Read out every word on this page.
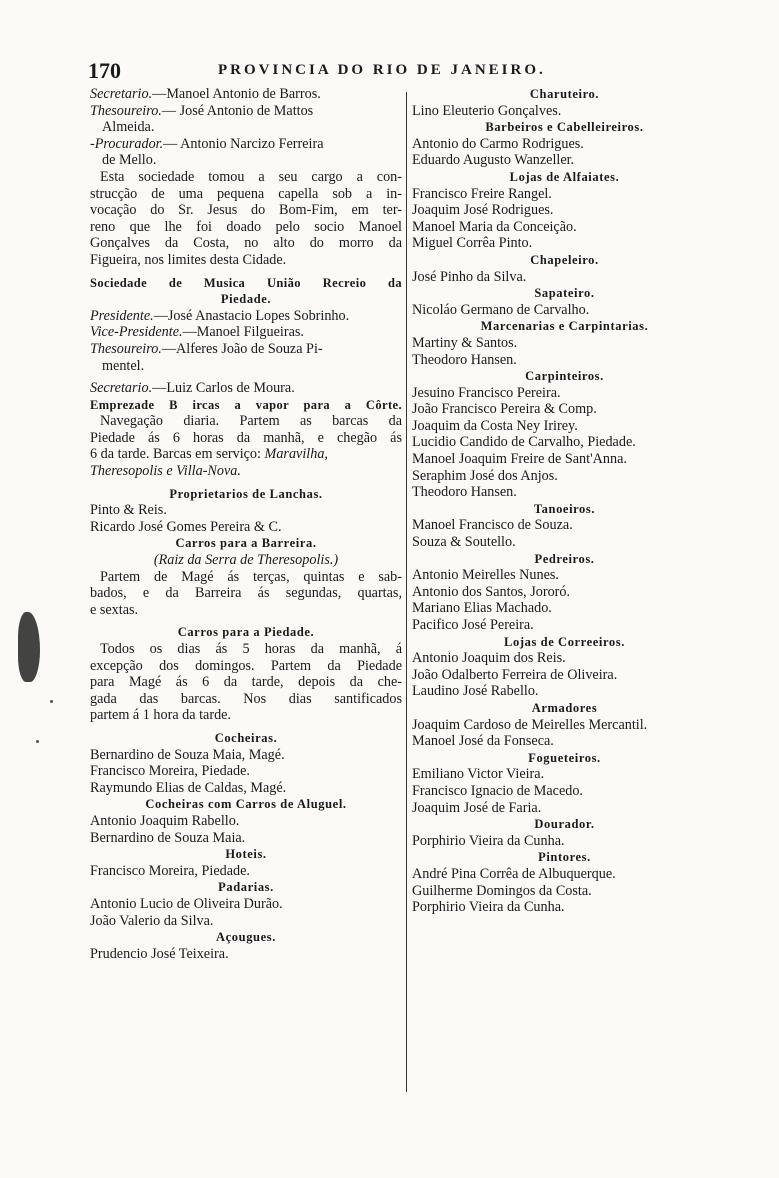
170	PROVINCIA DO RIO DE JANEIRO.
Secretario.—Manoel Antonio de Barros.
Thesoureiro.— José Antonio de Mattos
Almeida.
-Procurador.— Antonio Narcizo Ferreira
de Mello.
Esta sociedade tomou a seu cargo a con-
strucção de uma pequena capella sob a in-
vocação do Sr. Jesus do Bom-Fim, em ter-
reno que lhe foi doado pelo socio Manoel
Gonçalves da Costa, no alto do morro da
Figueira, nos limites desta Cidade.
Sociedade de Musica União Recreio da
Piedade.
Presidente.—José Anastacio Lopes Sobrinho.
Vice-Presidente.—Manoel Filgueiras.
Thesoureiro.—Alferes João de Souza Pi-
mentel.
Secretario.—Luiz Carlos de Moura.
Emprezade B ircas a vapor para a Côrte.
Navegação diaria. Partem as barcas da
Piedade ás 6 horas da manhã, e chegão ás
6 da tarde. Barcas em serviço: Maravilha,
Theresopolis e Villa-Nova.
Proprietarios de Lanchas.
Pinto & Reis.
Ricardo José Gomes Pereira & C.
Carros para a Barreira.
(Raiz da Serra de Theresopolis.)
Partem de Magé ás terças, quintas e sab-
bados, e da Barreira ás segundas, quartas,
e sextas.
Carros para a Piedade.
Todos os dias ás 5 horas da manhã, á
excepção dos domingos. Partem da Piedade
para Magé ás 6 da tarde, depois da che-
gada das barcas. Nos dias santificados
partem á 1 hora da tarde.
Cocheiras.
Bernardino de Souza Maia, Magé.
Francisco Moreira, Piedade.
Raymundo Elias de Caldas, Magé.
Cocheiras com Carros de Aluguel.
Antonio Joaquim Rabello.
Bernardino de Souza Maia.
Hoteis.
Francisco Moreira, Piedade.
Padarias.
Antonio Lucio de Oliveira Durão.
João Valerio da Silva.
Açougues.
Prudencio José Teixeira.
Charuteiro.
Lino Eleuterio Gonçalves.
Barbeiros e Cabelleireiros.
Antonio do Carmo Rodrigues.
Eduardo Augusto Wanzeller.
Lojas de Alfaiates.
Francisco Freire Rangel.
Joaquim José Rodrigues.
Manoel Maria da Conceição.
Miguel Corrêa Pinto.
Chapeleiro.
José Pinho da Silva.
Sapateiro.
Nicoláo Germano de Carvalho.
Marcenarias e Carpintarias.
Martiny & Santos.
Theodoro Hansen.
Carpinteiros.
Jesuino Francisco Pereira.
João Francisco Pereira & Comp.
Joaquim da Costa Ney Irirey.
Lucidio Candido de Carvalho, Piedade.
Manoel Joaquim Freire de Sant'Anna.
Seraphim José dos Anjos.
Theodoro Hansen.
Tanoeiros.
Manoel Francisco de Souza.
Souza & Soutello.
Pedreiros.
Antonio Meirelles Nunes.
Antonio dos Santos, Jororó.
Mariano Elias Machado.
Pacifico José Pereira.
Lojas de Correeiros.
Antonio Joaquim dos Reis.
João Odalberto Ferreira de Oliveira.
Laudino José Rabello.
Armadores
Joaquim Cardoso de Meirelles Mercantil.
Manoel José da Fonseca.
Fogueteiros.
Emiliano Victor Vieira.
Francisco Ignacio de Macedo.
Joaquim José de Faria.
Dourador.
Porphirio Vieira da Cunha.
Pintores.
André Pina Corrêa de Albuquerque.
Guilherme Domingos da Costa.
Porphirio Vieira da Cunha.
